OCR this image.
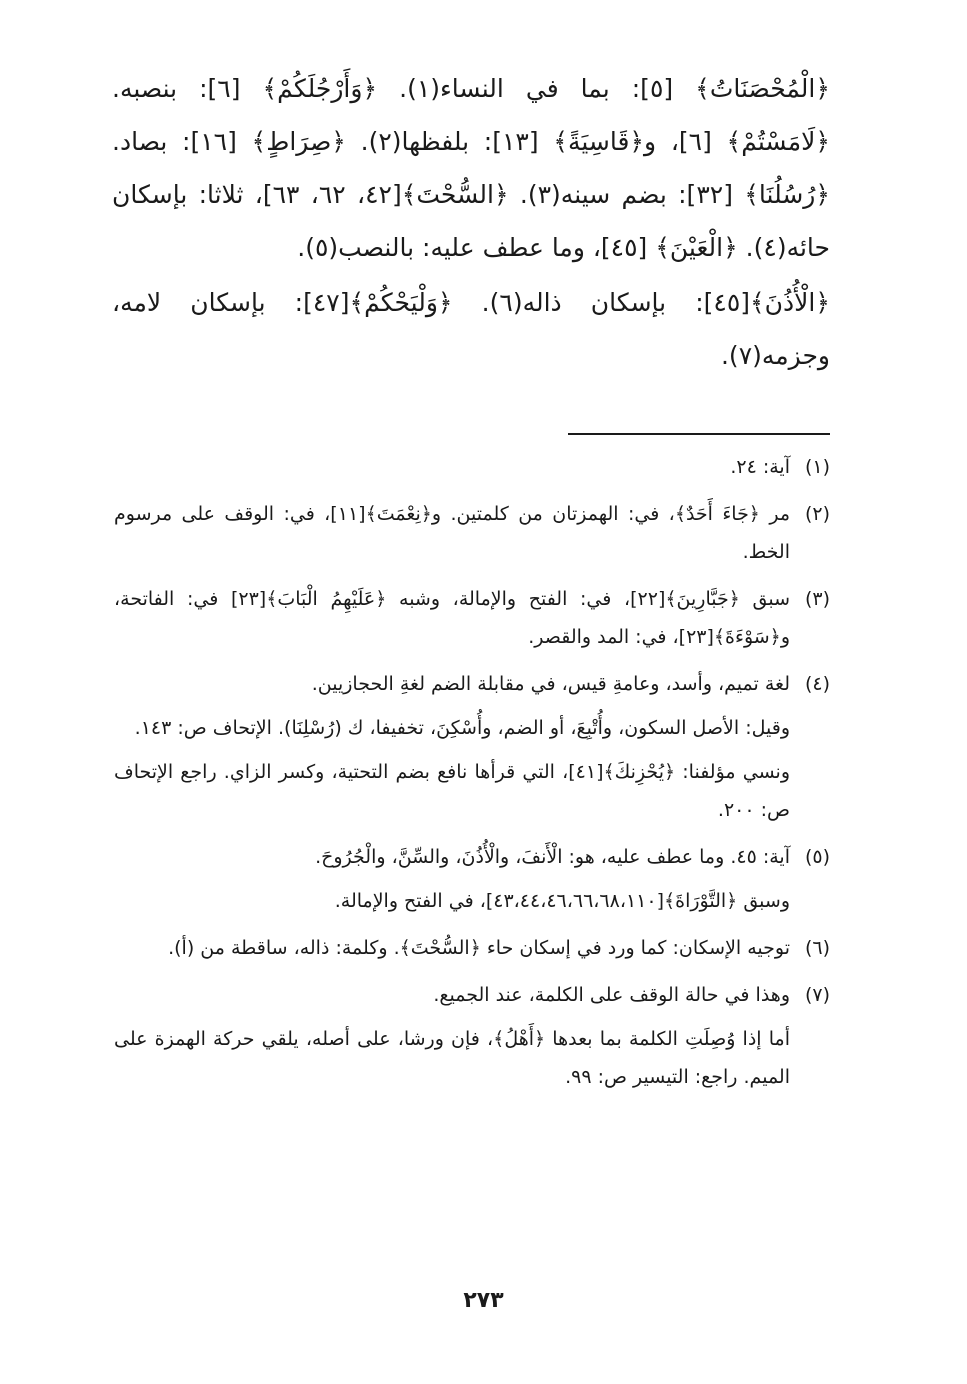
﴿الْمُحْصَنَاتُ﴾ [٥]: بما في النساء(١). ﴿وَأَرْجُلَكُمْ﴾ [٦]: بنصبه. ﴿لَامَسْتُمْ﴾ [٦]، و﴿قَاسِيَةً﴾ [١٣]: بلفظها(٢). ﴿صِرَاطٍ﴾ [١٦]: بصاد. ﴿رُسُلُنَا﴾ [٣٢]: بضم سينه(٣). ﴿السُّحْتَ﴾[٤٢، ٦٢، ٦٣]، ثلاثا: بإسكان حائه(٤). ﴿الْعَيْنَ﴾ [٤٥]، وما عطف عليه: بالنصب(٥).

﴿الْأُذُنَ﴾[٤٥]: بإسكان ذاله(٦). ﴿وَلْيَحْكُمْ﴾[٤٧]: بإسكان لامه، وجزمه(٧).

(١)

آية: ٢٤.

(٢)

مر ﴿جَاءَ أَحَدٌ﴾، في: الهمزتان من كلمتين. و﴿نِعْمَتَ﴾[١١]، في: الوقف على مرسوم الخط.

(٣)

سبق ﴿جَبَّارِينَ﴾[٢٢]، في: الفتح والإمالة، وشبه ﴿عَلَيْهِمُ الْبَابَ﴾[٢٣] في: الفاتحة، و﴿سَوْءَةَ﴾[٢٣]، في: المد والقصر.

(٤)

لغة تميم، وأسد، وعامةِ قيس، في مقابلة الضم لغةِ الحجازيين.

وقيل: الأصل السكون، وأُتْبِعَ، أو الضم، وأُسْكِنَ، تخفيفا، ك (رُسْلِنَا). الإتحاف ص: ١٤٣.

ونسي مؤلفنا: ﴿يُحْزِنكَ﴾[٤١]، التي قرأها نافع بضم التحتية، وكسر الزاي. راجع الإتحاف ص: ٢٠٠.

(٥)

آية: ٤٥. وما عطف عليه، هو: الْأَنفَ، والْأُذُنَ، والسِّنَّ، والْجُرُوحَ.

وسبق ﴿التَّوْرَاةَ﴾[٤٣،٤٤،٤٦،٦٦،٦٨،١١٠]، في الفتح والإمالة.

(٦)

توجيه الإسكان: كما ورد في إسكان حاء ﴿السُّحْتَ﴾. وكلمة: ذاله، ساقطة من (أ).

(٧)

وهذا في حالة الوقف على الكلمة، عند الجميع.

أما إذا وُصِلَتِ الكلمة بما بعدها ﴿أَهْلُ﴾، فإن ورشا، على أصله، يلقي حركة الهمزة على الميم. راجع: التيسير ص: ٩٩.

٢٧٣
